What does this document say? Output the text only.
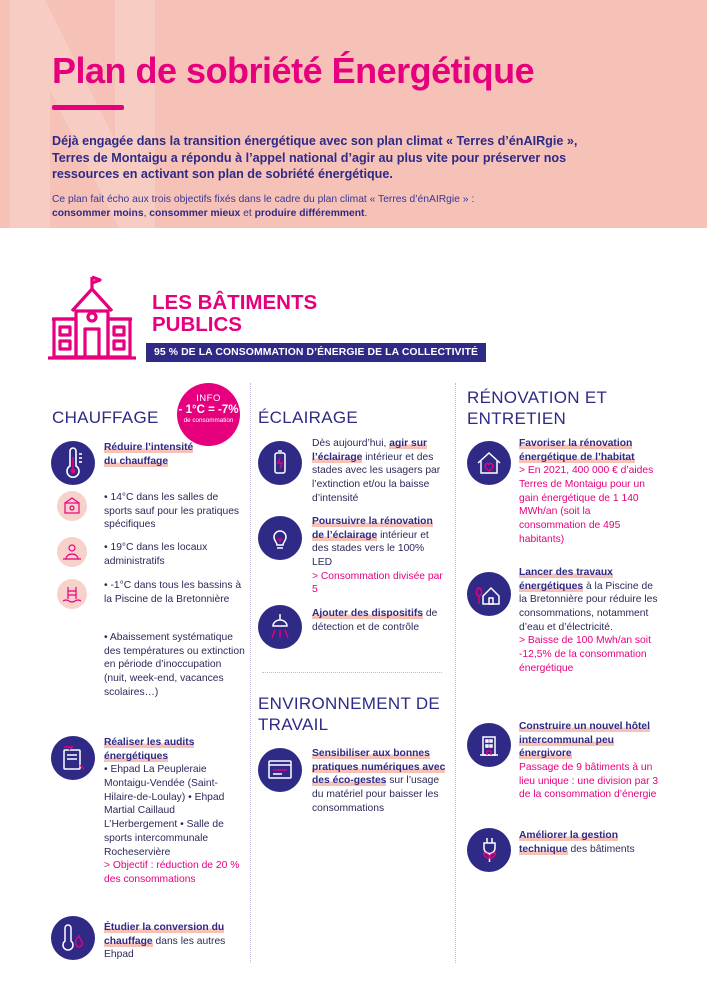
Plan de sobriété Énergétique
Déjà engagée dans la transition énergétique avec son plan climat « Terres d’énAIRgie », Terres de Montaigu a répondu à l’appel national d’agir au plus vite pour préserver nos ressources en activant son plan de sobriété énergétique.
Ce plan fait écho aux trois objectifs fixés dans le cadre du plan climat « Terres d’énAIRgie » :
consommer moins, consommer mieux et produire différemment.
LES BÂTIMENTS PUBLICS
95 % DE LA CONSOMMATION D’ÉNERGIE DE LA COLLECTIVITÉ
CHAUFFAGE
INFO
- 1°C = -7%
de consommation
Réduire l’intensité du chauffage
• 14°C dans les salles de sports sauf pour les pratiques spécifiques
• 19°C dans les locaux administratifs
• -1°C dans tous les bassins à la Piscine de la Bretonnière
• Abaissement systématique des températures ou extinction en période d’inoccupation (nuit, week-end, vacances scolaires…)
Réaliser les audits énergétiques
• Ehpad La Peupleraie Montaigu-Vendée (Saint-Hilaire-de-Loulay) • Ehpad Martial Caillaud L’Herbergement • Salle de sports intercommunale Rocheservière
> Objectif : réduction de 20 % des consommations
Étudier la conversion du chauffage dans les autres Ehpad
ÉCLAIRAGE
Dès aujourd’hui, agir sur l’éclairage intérieur et des stades avec les usagers par l’extinction et/ou la baisse d’intensité
Poursuivre la rénovation de l’éclairage intérieur et des stades vers le 100% LED
> Consommation divisée par 5
Ajouter des dispositifs de détection et de contrôle
ENVIRONNEMENT DE TRAVAIL
Sensibiliser aux bonnes pratiques numériques avec des éco-gestes sur l’usage du matériel pour baisser les consommations
RÉNOVATION ET ENTRETIEN
Favoriser la rénovation énergétique de l’habitat
> En 2021, 400 000 € d’aides Terres de Montaigu pour un gain énergétique de 1 140 MWh/an (soit la consommation de 495 habitants)
Lancer des travaux énergétiques à la Piscine de la Bretonnière pour réduire les consommations, notamment d’eau et d’électricité.
> Baisse de 100 Mwh/an soit -12,5% de la consommation énergétique
Construire un nouvel hôtel intercommunal peu énergivore
Passage de 9 bâtiments à un lieu unique : une division par 3 de la consommation d’énergie
Améliorer la gestion technique des bâtiments
